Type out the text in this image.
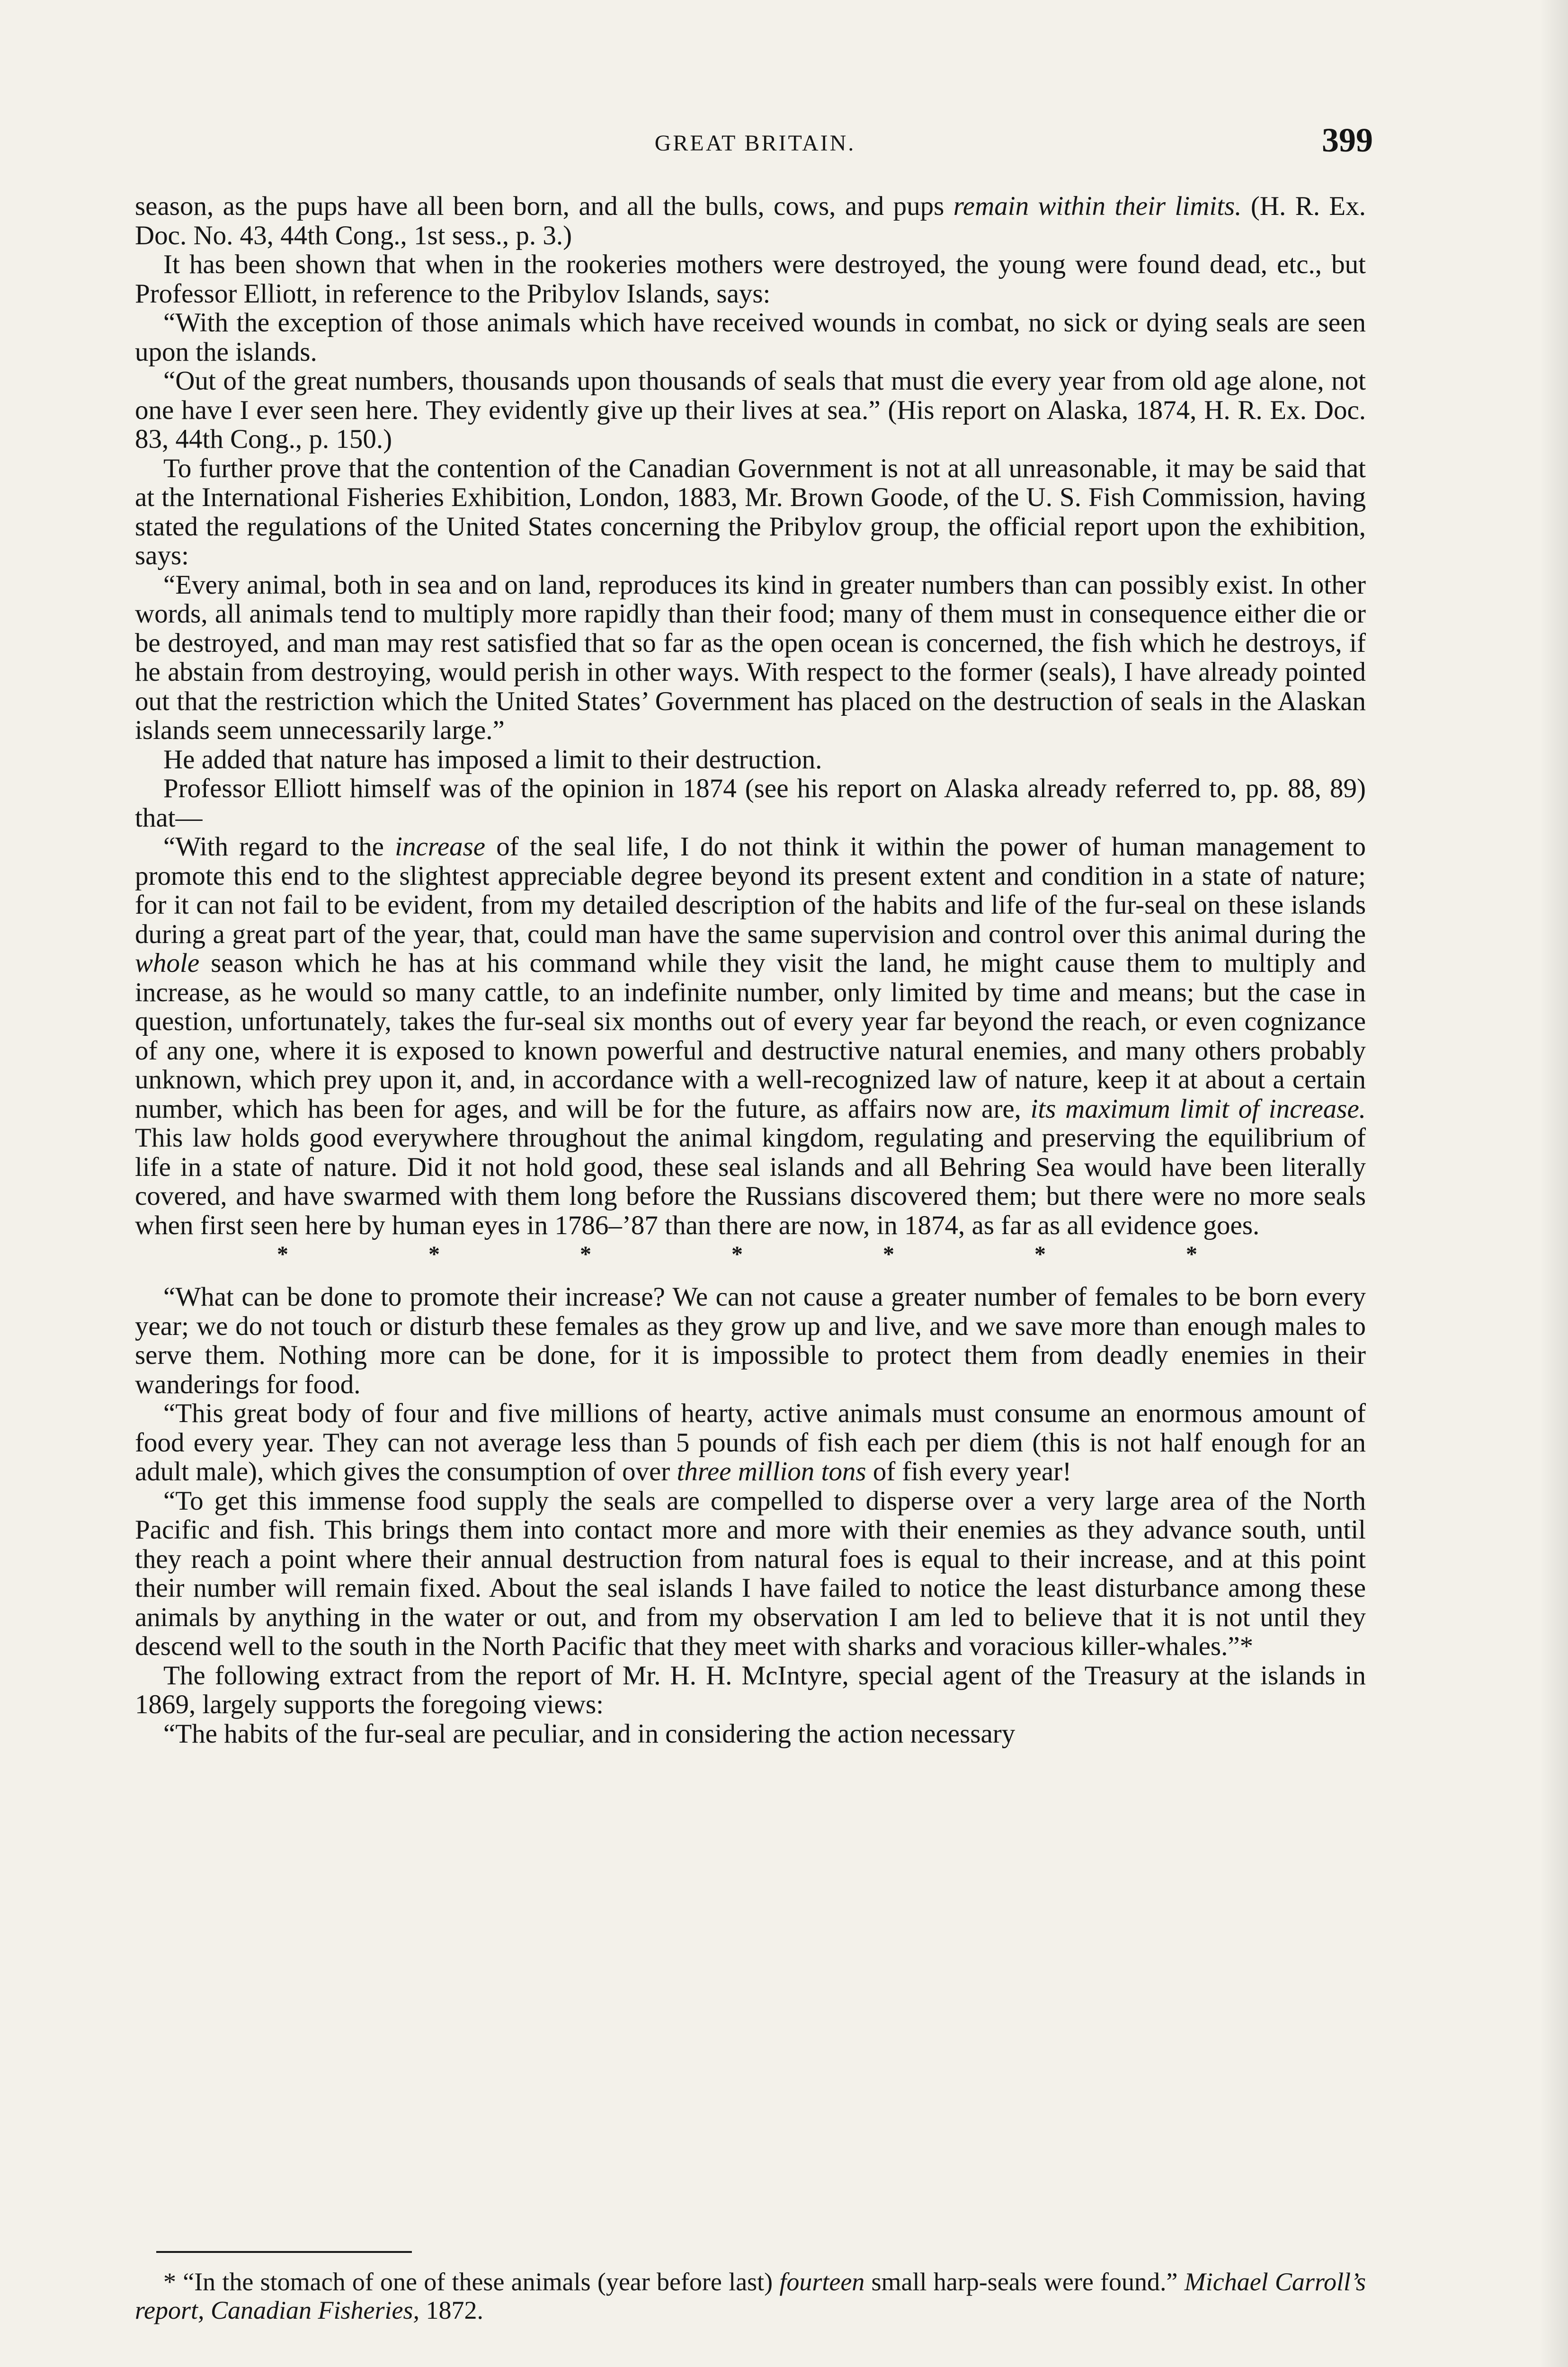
GREAT BRITAIN.	399

season, as the pups have all been born, and all the bulls, cows, and pups remain within their limits. (H. R. Ex. Doc. No. 43, 44th Cong., 1st sess., p. 3.)

It has been shown that when in the rookeries mothers were destroyed, the young were found dead, etc., but Professor Elliott, in reference to the Pribylov Islands, says:

“With the exception of those animals which have received wounds in combat, no sick or dying seals are seen upon the islands.

“Out of the great numbers, thousands upon thousands of seals that must die every year from old age alone, not one have I ever seen here. They evidently give up their lives at sea.” (His report on Alaska, 1874, H. R. Ex. Doc. 83, 44th Cong., p. 150.)

To further prove that the contention of the Canadian Government is not at all unreasonable, it may be said that at the International Fisheries Exhibition, London, 1883, Mr. Brown Goode, of the U. S. Fish Commission, having stated the regulations of the United States concerning the Pribylov group, the official report upon the exhibition, says:

“Every animal, both in sea and on land, reproduces its kind in greater numbers than can possibly exist. In other words, all animals tend to multiply more rapidly than their food; many of them must in consequence either die or be destroyed, and man may rest satisfied that so far as the open ocean is concerned, the fish which he destroys, if he abstain from destroying, would perish in other ways. With respect to the former (seals), I have already pointed out that the restriction which the United States’ Government has placed on the destruction of seals in the Alaskan islands seem unnecessarily large.”

He added that nature has imposed a limit to their destruction.

Professor Elliott himself was of the opinion in 1874 (see his report on Alaska already referred to, pp. 88, 89) that—

“With regard to the increase of the seal life, I do not think it within the power of human management to promote this end to the slightest appreciable degree beyond its present extent and condition in a state of nature; for it can not fail to be evident, from my detailed description of the habits and life of the fur-seal on these islands during a great part of the year, that, could man have the same supervision and control over this animal during the whole season which he has at his command while they visit the land, he might cause them to multiply and increase, as he would so many cattle, to an indefinite number, only limited by time and means; but the case in question, unfortunately, takes the fur-seal six months out of every year far beyond the reach, or even cognizance of any one, where it is exposed to known powerful and destructive natural enemies, and many others probably unknown, which prey upon it, and, in accordance with a well-recognized law of nature, keep it at about a certain number, which has been for ages, and will be for the future, as affairs now are, its maximum limit of increase. This law holds good everywhere throughout the animal kingdom, regulating and preserving the equilibrium of life in a state of nature. Did it not hold good, these seal islands and all Behring Sea would have been literally covered, and have swarmed with them long before the Russians discovered them; but there were no more seals when first seen here by human eyes in 1786–’87 than there are now, in 1874, as far as all evidence goes.

*	*	*	*	*	*	*

“What can be done to promote their increase? We can not cause a greater number of females to be born every year; we do not touch or disturb these females as they grow up and live, and we save more than enough males to serve them. Nothing more can be done, for it is impossible to protect them from deadly enemies in their wanderings for food.

“This great body of four and five millions of hearty, active animals must consume an enormous amount of food every year. They can not average less than 5 pounds of fish each per diem (this is not half enough for an adult male), which gives the consumption of over three million tons of fish every year!

“To get this immense food supply the seals are compelled to disperse over a very large area of the North Pacific and fish. This brings them into contact more and more with their enemies as they advance south, until they reach a point where their annual destruction from natural foes is equal to their increase, and at this point their number will remain fixed. About the seal islands I have failed to notice the least disturbance among these animals by anything in the water or out, and from my observation I am led to believe that it is not until they descend well to the south in the North Pacific that they meet with sharks and voracious killer-whales.”*

The following extract from the report of Mr. H. H. McIntyre, special agent of the Treasury at the islands in 1869, largely supports the foregoing views:

“The habits of the fur-seal are peculiar, and in considering the action necessary

* “In the stomach of one of these animals (year before last) fourteen small harp-seals were found.” Michael Carroll’s report, Canadian Fisheries, 1872.
